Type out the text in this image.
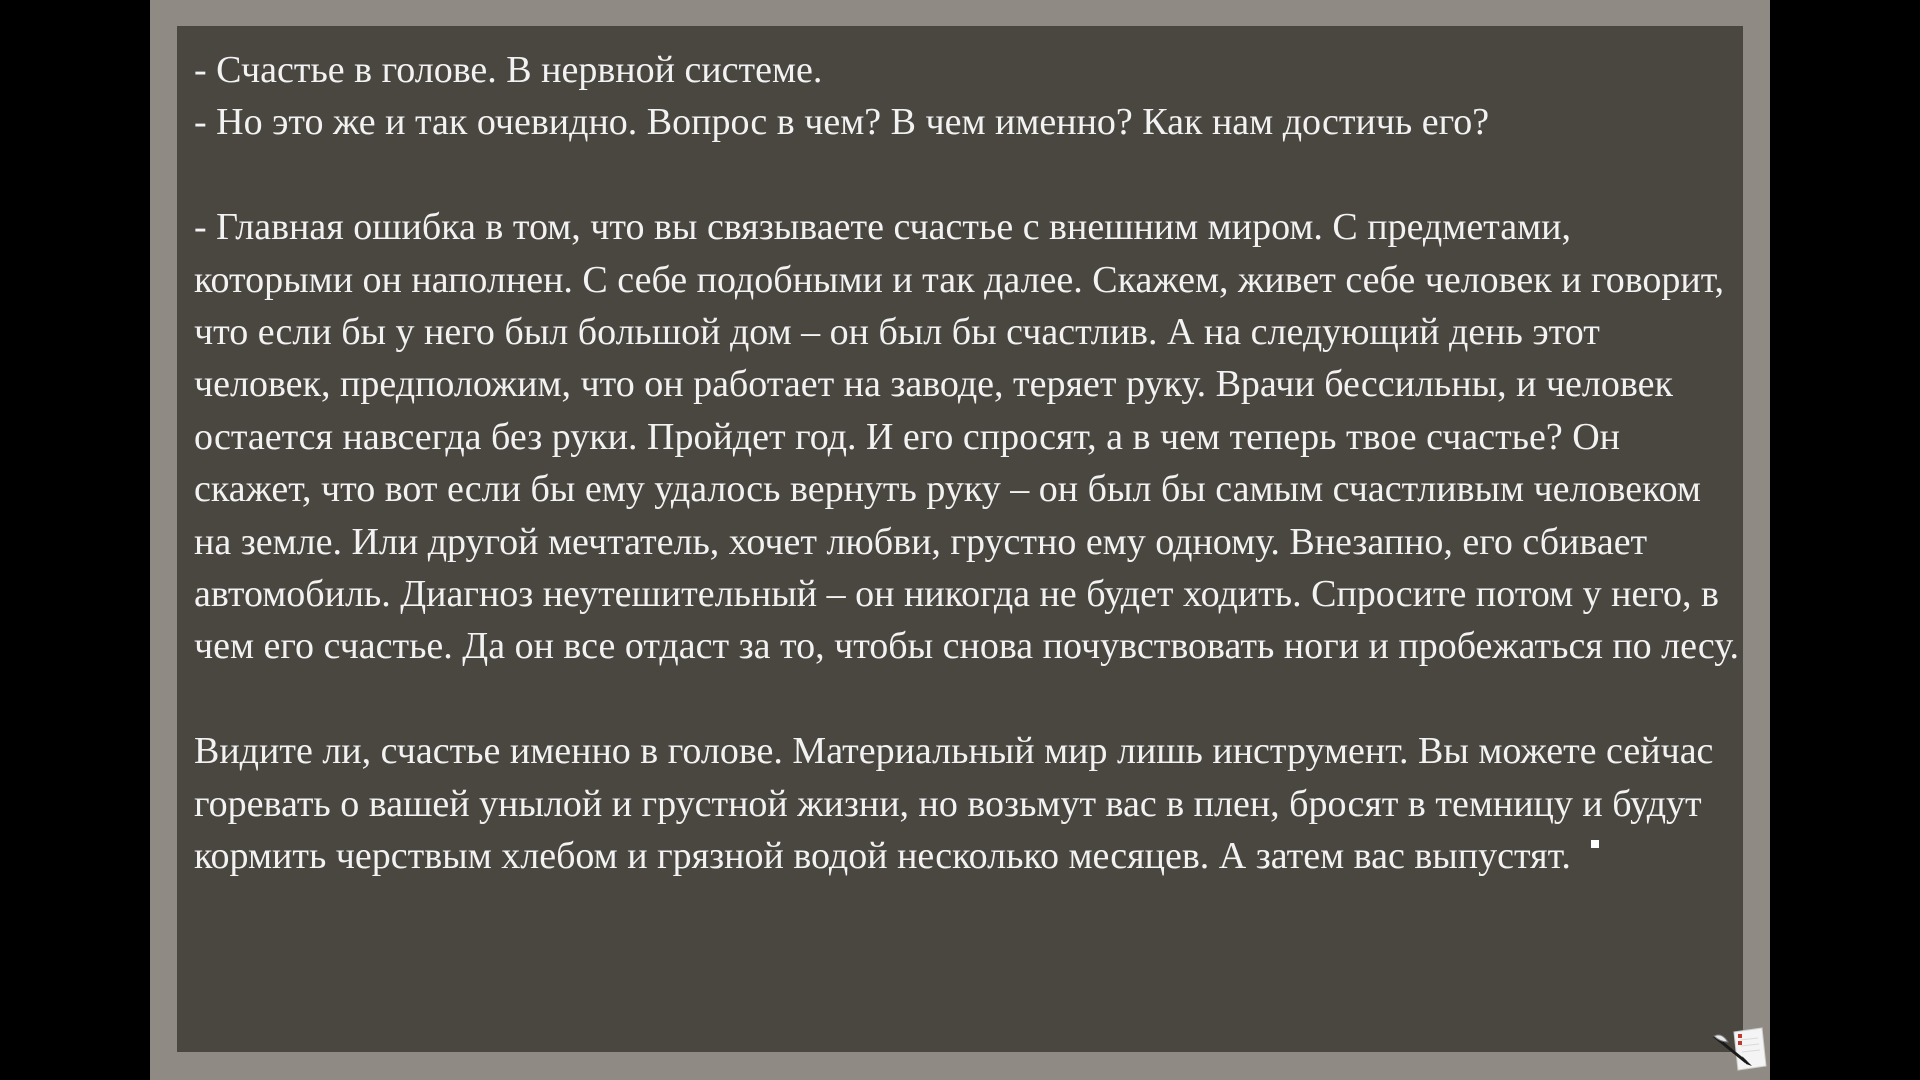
- Счастье в голове. В нервной системе.

- Но это же и так очевидно. Вопрос в чем? В чем именно? Как нам достичь его?

- Главная ошибка в том, что вы связываете счастье с внешним миром. С предметами, которыми он наполнен. С себе подобными и так далее. Скажем, живет себе человек и говорит, что если бы у него был большой дом – он был бы счастлив. А на следующий день этот человек, предположим, что он работает на заводе, теряет руку. Врачи бессильны, и человек остается навсегда без руки. Пройдет год. И его спросят, а в чем теперь твое счастье? Он скажет, что вот если бы ему удалось вернуть руку – он был бы самым счастливым человеком на земле. Или другой мечтатель, хочет любви, грустно ему одному. Внезапно, его сбивает автомобиль. Диагноз неутешительный – он никогда не будет ходить. Спросите потом у него, в чем его счастье. Да он все отдаст за то, чтобы снова почувствовать ноги и пробежаться по лесу.

Видите ли, счастье именно в голове. Материальный мир лишь инструмент. Вы можете сейчас горевать о вашей унылой и грустной жизни, но возьмут вас в плен, бросят в темницу и будут кормить черствым хлебом и грязной водой несколько месяцев. А затем вас выпустят.
